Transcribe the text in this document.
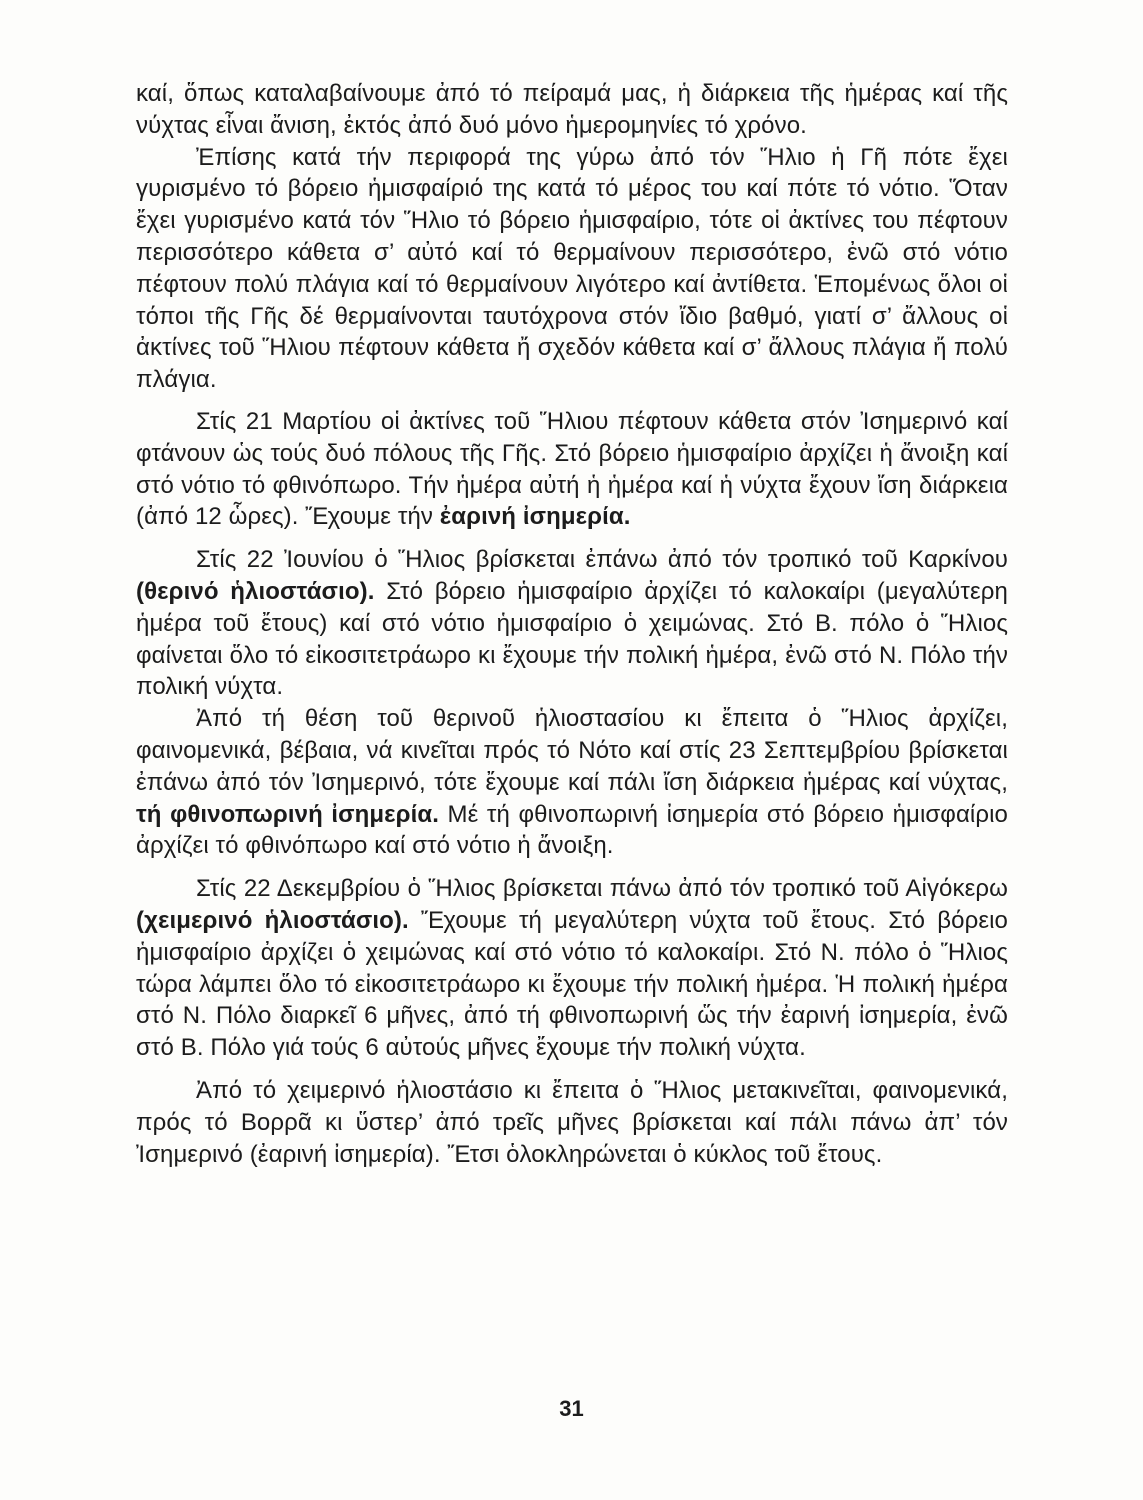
καί, ὅπως καταλαβαίνουμε ἀπό τό πείραμά μας, ἡ διάρκεια τῆς ἡμέρας καί τῆς νύχτας εἶναι ἄνιση, ἐκτός ἀπό δυό μόνο ἡμερομηνίες τό χρόνο.

Ἐπίσης κατά τήν περιφορά της γύρω ἀπό τόν Ἥλιο ἡ Γῆ πότε ἔχει γυρισμένο τό βόρειο ἡμισφαίριό της κατά τό μέρος του καί πότε τό νότιο. Ὅταν ἔχει γυρισμένο κατά τόν Ἥλιο τό βόρειο ἡμισφαίριο, τότε οἱ ἀκτίνες του πέφτουν περισσότερο κάθετα σ’ αὐτό καί τό θερμαίνουν περισσότερο, ἐνῶ στό νότιο πέφτουν πολύ πλάγια καί τό θερμαίνουν λιγότερο καί ἀντίθετα. Ἑπομένως ὅλοι οἱ τόποι τῆς Γῆς δέ θερμαίνονται ταυτόχρονα στόν ἴδιο βαθμό, γιατί σ’ ἄλλους οἱ ἀκτίνες τοῦ Ἥλιου πέφτουν κάθετα ἤ σχεδόν κάθετα καί σ’ ἄλλους πλάγια ἤ πολύ πλάγια.

Στίς 21 Μαρτίου οἱ ἀκτίνες τοῦ Ἥλιου πέφτουν κάθετα στόν Ἰσημερινό καί φτάνουν ὡς τούς δυό πόλους τῆς Γῆς. Στό βόρειο ἡμισφαίριο ἀρχίζει ἡ ἄνοιξη καί στό νότιο τό φθινόπωρο. Τήν ἡμέρα αὐτή ἡ ἡμέρα καί ἡ νύχτα ἔχουν ἴση διάρκεια (ἀπό 12 ὧρες). Ἔχουμε τήν ἐαρινή ἰσημερία.

Στίς 22 Ἰουνίου ὁ Ἥλιος βρίσκεται ἐπάνω ἀπό τόν τροπικό τοῦ Καρκίνου (θερινό ἡλιοστάσιο). Στό βόρειο ἡμισφαίριο ἀρχίζει τό καλοκαίρι (μεγαλύτερη ἡμέρα τοῦ ἔτους) καί στό νότιο ἡμισφαίριο ὁ χειμώνας. Στό Β. πόλο ὁ Ἥλιος φαίνεται ὅλο τό εἰκοσιτετράωρο κι ἔχουμε τήν πολική ἡμέρα, ἐνῶ στό Ν. Πόλο τήν πολική νύχτα.

Ἀπό τή θέση τοῦ θερινοῦ ἡλιοστασίου κι ἔπειτα ὁ Ἥλιος ἀρχίζει, φαινομενικά, βέβαια, νά κινεῖται πρός τό Νότο καί στίς 23 Σεπτεμβρίου βρίσκεται ἐπάνω ἀπό τόν Ἰσημερινό, τότε ἔχουμε καί πάλι ἴση διάρκεια ἡμέρας καί νύχτας, τή φθινοπωρινή ἰσημερία. Μέ τή φθινοπωρινή ἰσημερία στό βόρειο ἡμισφαίριο ἀρχίζει τό φθινόπωρο καί στό νότιο ἡ ἄνοιξη.

Στίς 22 Δεκεμβρίου ὁ Ἥλιος βρίσκεται πάνω ἀπό τόν τροπικό τοῦ Αἰγόκερω (χειμερινό ἡλιοστάσιο). Ἔχουμε τή μεγαλύτερη νύχτα τοῦ ἔτους. Στό βόρειο ἡμισφαίριο ἀρχίζει ὁ χειμώνας καί στό νότιο τό καλοκαίρι. Στό Ν. πόλο ὁ Ἥλιος τώρα λάμπει ὅλο τό εἰκοσιτετράωρο κι ἔχουμε τήν πολική ἡμέρα. Ἡ πολική ἡμέρα στό Ν. Πόλο διαρκεῖ 6 μῆνες, ἀπό τή φθινοπωρινή ὥς τήν ἐαρινή ἰσημερία, ἐνῶ στό Β. Πόλο γιά τούς 6 αὐτούς μῆνες ἔχουμε τήν πολική νύχτα.

Ἀπό τό χειμερινό ἡλιοστάσιο κι ἔπειτα ὁ Ἥλιος μετακινεῖται, φαινομενικά, πρός τό Βορρᾶ κι ὕστερ’ ἀπό τρεῖς μῆνες βρίσκεται καί πάλι πάνω ἀπ’ τόν Ἰσημερινό (ἐαρινή ἰσημερία). Ἔτσι ὁλοκληρώνεται ὁ κύκλος τοῦ ἔτους.

31
